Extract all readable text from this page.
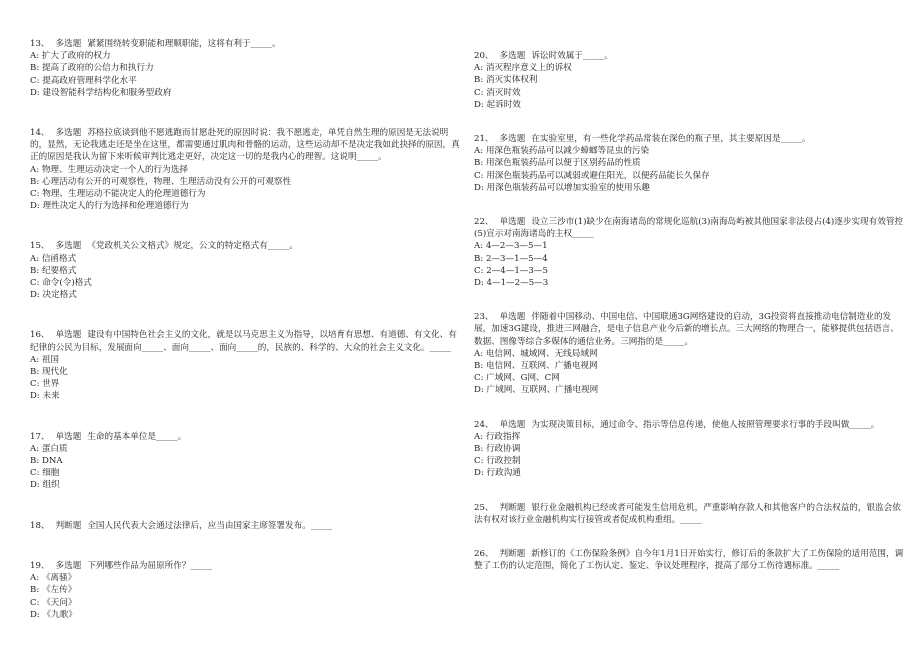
13、 多选题 紧紧围绕转变职能和理顺职能，这将有利于_____。

A: 扩大了政府的权力

B: 提高了政府的公信力和执行力

C: 提高政府管理科学化水平

D: 建设智能科学结构化和服务型政府

14、 多选题 苏格拉底谈到他不愿逃跑而甘愿赴死的原因时说：我不愿逃走，单凭自然生理的原因是无法说明的，显然，无论我逃走还是坐在这里，都需要通过肌肉和骨骼的运动，这些运动却不是决定我如此抉择的原因，真正的原因是我认为留下来听候审判比逃走更好，决定这一切的是我内心的理智。这说明_____。

A: 物理、生理运动决定一个人的行为选择

B: 心理活动有公开的可观察性，物理、生理活动没有公开的可观察性

C: 物理、生理运动不能决定人的伦理道德行为

D: 理性决定人的行为选择和伦理道德行为

15、 多选题 《党政机关公文格式》规定，公文的特定格式有_____。

A: 信函格式

B: 纪要格式

C: 命令(令)格式

D: 决定格式

16、 单选题 建设有中国特色社会主义的文化，就是以马克思主义为指导，以培育有思想、有道德、有文化、有纪律的公民为目标，发展面向_____、面向_____、面向_____的，民族的、科学的、大众的社会主义文化。_____

A: 祖国

B: 现代化

C: 世界

D: 未来

17、 单选题 生命的基本单位是_____。

A: 蛋白质

B: DNA

C: 细胞

D: 组织

18、 判断题 全国人民代表大会通过法律后，应当由国家主席签署发布。_____

19、 多选题 下列哪些作品为屈原所作？_____

A: 《离骚》

B: 《左传》

C: 《天问》

D: 《九歌》

20、 多选题 诉讼时效属于_____。

A: 消灭程序意义上的诉权

B: 消灭实体权利

C: 消灭时效

D: 起诉时效

21、 多选题 在实验室里，有一些化学药品常装在深色的瓶子里，其主要原因是_____。

A: 用深色瓶装药品可以减少蟑螂等昆虫的污染

B: 用深色瓶装药品可以便于区别药品的性质

C: 用深色瓶装药品可以减弱或避住阳光，以便药品能长久保存

D: 用深色瓶装药品可以增加实验室的使用乐趣

22、 单选题 设立三沙市(1)缺少在南海诸岛的常规化巡航(3)南海岛屿被其他国家非法侵占(4)逐步实现有效管控(5)宣示对南海诸岛的主权_____

A: 4—2—3—5—1

B: 2—3—1—5—4

C: 2—4—1—3—5

D: 4—1—2—5—3

23、 单选题 伴随着中国移动、中国电信、中国联通3G网络建设的启动，3G投资将直接推动电信制造业的发展，加速3G建设，推进三网融合，是电子信息产业今后新的增长点。三大网络的物理合一，能够提供包括语言、数据、图像等综合多媒体的通信业务。三网指的是_____。

A: 电信网、城域网、无线局域网

B: 电信网、互联网、广播电视网

C: 广域网、G网、C网

D: 广域网、互联网、广播电视网

24、 单选题 为实现决策目标，通过命令、指示等信息传递，使他人按照管理要求行事的手段叫做_____。

A: 行政指挥

B: 行政协调

C: 行政控制

D: 行政沟通

25、 判断题 银行业金融机构已经或者可能发生信用危机，严重影响存款人和其他客户的合法权益的，银监会依法有权对该行业金融机构实行接管或者促成机构重组。_____

26、 判断题 新修订的《工伤保险条例》自今年1月1日开始实行，修订后的条款扩大了工伤保险的适用范围，调整了工伤的认定范围，简化了工伤认定、鉴定、争议处理程序，提高了部分工伤待遇标准。_____
